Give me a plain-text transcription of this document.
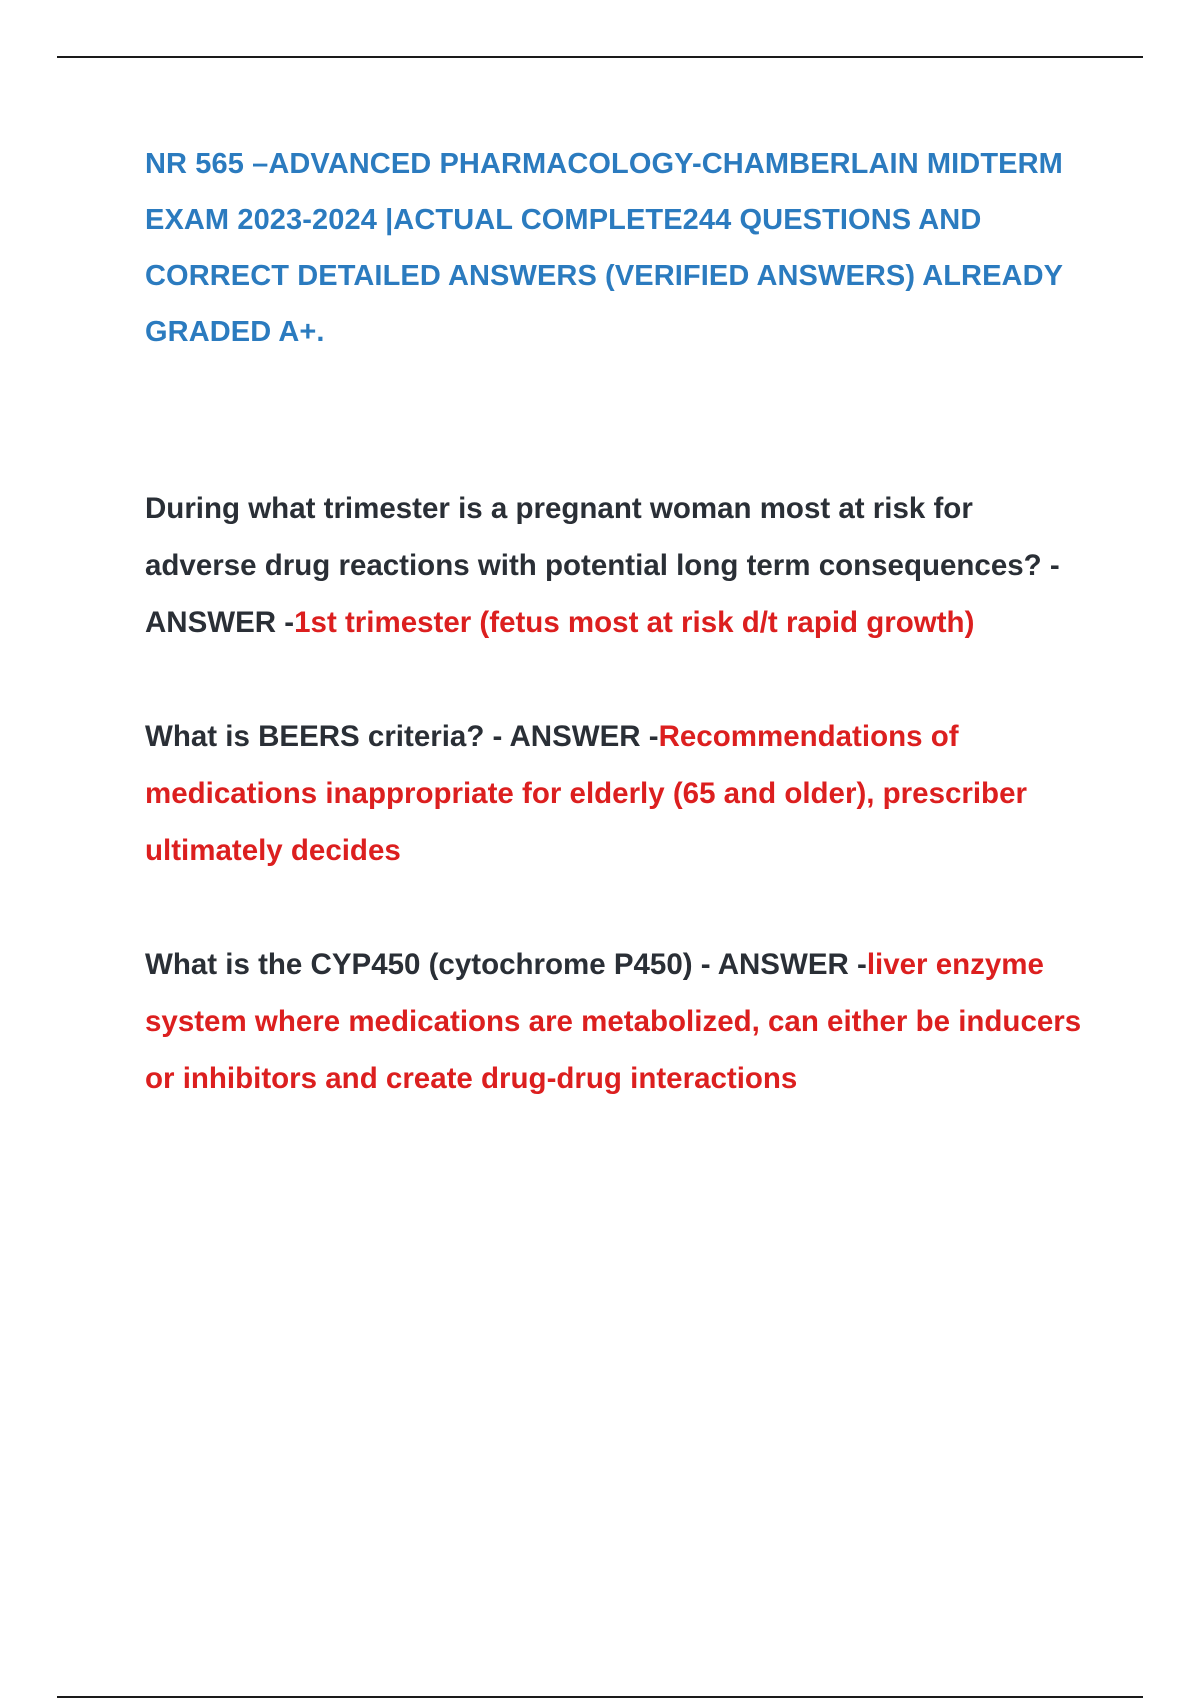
NR 565 –ADVANCED PHARMACOLOGY-CHAMBERLAIN MIDTERM EXAM 2023-2024 |ACTUAL COMPLETE244 QUESTIONS AND CORRECT DETAILED ANSWERS (VERIFIED ANSWERS) ALREADY GRADED A+.

During what trimester is a pregnant woman most at risk for adverse drug reactions with potential long term consequences? - ANSWER -1st trimester (fetus most at risk d/t rapid growth)

What is BEERS criteria? - ANSWER -Recommendations of medications inappropriate for elderly (65 and older), prescriber ultimately decides

What is the CYP450 (cytochrome P450) - ANSWER -liver enzyme system where medications are metabolized, can either be inducers or inhibitors and create drug-drug interactions
